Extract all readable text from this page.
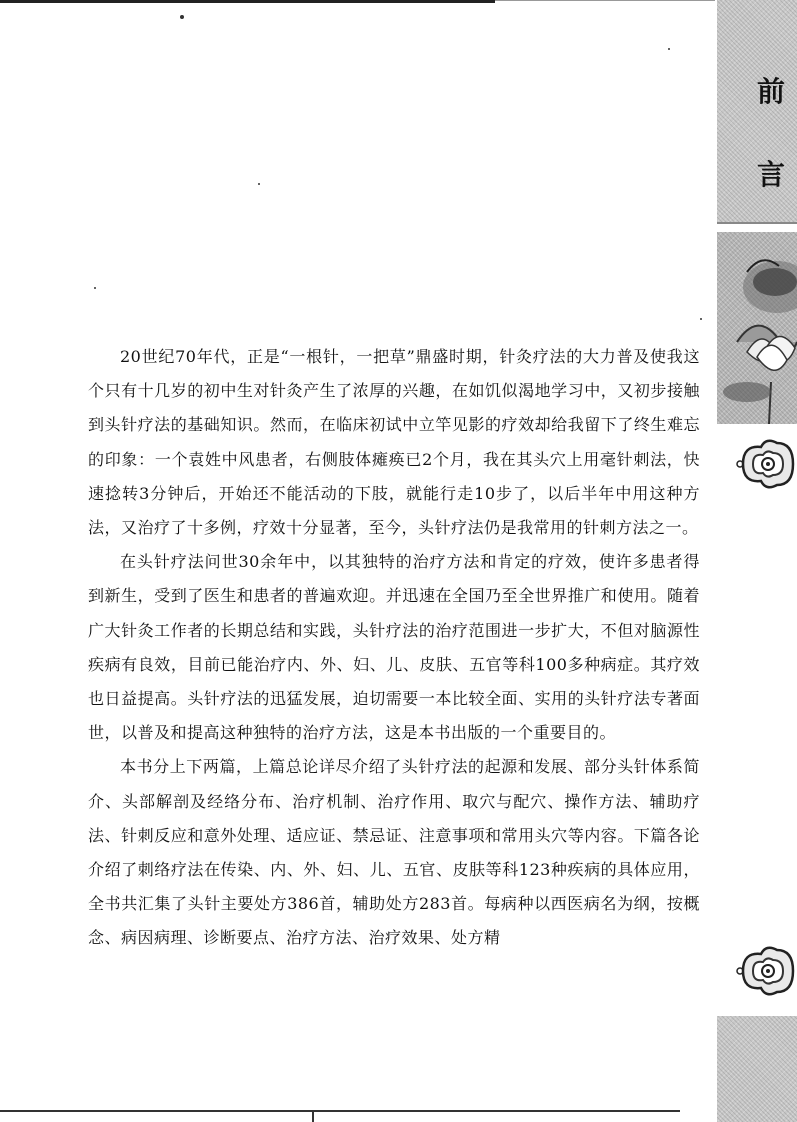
前
言

20世纪70年代，正是“一根针，一把草”鼎盛时期，针灸疗法的大力普及使我这个只有十几岁的初中生对针灸产生了浓厚的兴趣，在如饥似渴地学习中，又初步接触到头针疗法的基础知识。然而，在临床初试中立竿见影的疗效却给我留下了终生难忘的印象：一个袁姓中风患者，右侧肢体瘫痪已2个月，我在其头穴上用毫针刺法，快速捻转3分钟后，开始还不能活动的下肢，就能行走10步了，以后半年中用这种方法，又治疗了十多例，疗效十分显著，至今，头针疗法仍是我常用的针刺方法之一。

在头针疗法问世30余年中，以其独特的治疗方法和肯定的疗效，使许多患者得到新生，受到了医生和患者的普遍欢迎。并迅速在全国乃至全世界推广和使用。随着广大针灸工作者的长期总结和实践，头针疗法的治疗范围进一步扩大，不但对脑源性疾病有良效，目前已能治疗内、外、妇、儿、皮肤、五官等科100多种病症。其疗效也日益提高。头针疗法的迅猛发展，迫切需要一本比较全面、实用的头针疗法专著面世，以普及和提高这种独特的治疗方法，这是本书出版的一个重要目的。

本书分上下两篇，上篇总论详尽介绍了头针疗法的起源和发展、部分头针体系简介、头部解剖及经络分布、治疗机制、治疗作用、取穴与配穴、操作方法、辅助疗法、针刺反应和意外处理、适应证、禁忌证、注意事项和常用头穴等内容。下篇各论介绍了刺络疗法在传染、内、外、妇、儿、五官、皮肤等科123种疾病的具体应用，全书共汇集了头针主要处方386首，辅助处方283首。每病种以西医病名为纲，按概念、病因病理、诊断要点、治疗方法、治疗效果、处方精
